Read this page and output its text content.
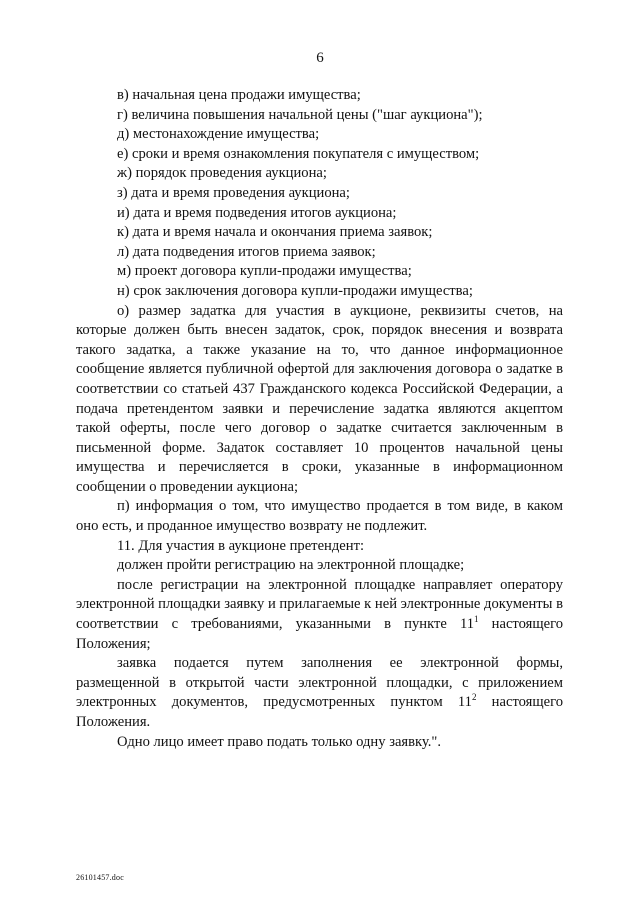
6

в) начальная цена продажи имущества;

г) величина повышения начальной цены ("шаг аукциона");

д) местонахождение имущества;

е) сроки и время ознакомления покупателя с имуществом;

ж) порядок проведения аукциона;

з) дата и время проведения аукциона;

и) дата и время подведения итогов аукциона;

к) дата и время начала и окончания приема заявок;

л) дата подведения итогов приема заявок;

м) проект договора купли-продажи имущества;

н) срок заключения договора купли-продажи имущества;

о) размер задатка для участия в аукционе, реквизиты счетов, на которые должен быть внесен задаток, срок, порядок внесения и возврата такого задатка, а также указание на то, что данное информационное сообщение является публичной офертой для заключения договора о задатке в соответствии со статьей 437 Гражданского кодекса Российской Федерации, а подача претендентом заявки и перечисление задатка являются акцептом такой оферты, после чего договор о задатке считается заключенным в письменной форме. Задаток составляет 10 процентов начальной цены имущества и перечисляется в сроки, указанные в информационном сообщении о проведении аукциона;

п) информация о том, что имущество продается в том виде, в каком оно есть, и проданное имущество возврату не подлежит.

11. Для участия в аукционе претендент:

должен пройти регистрацию на электронной площадке;

после регистрации на электронной площадке направляет оператору электронной площадки заявку и прилагаемые к ней электронные документы в соответствии с требованиями, указанными в пункте $11^1$ настоящего Положения;

заявка подается путем заполнения ее электронной формы, размещенной в открытой части электронной площадки, с приложением электронных документов, предусмотренных пунктом $11^2$ настоящего Положения.

Одно лицо имеет право подать только одну заявку.".

26101457.doc
